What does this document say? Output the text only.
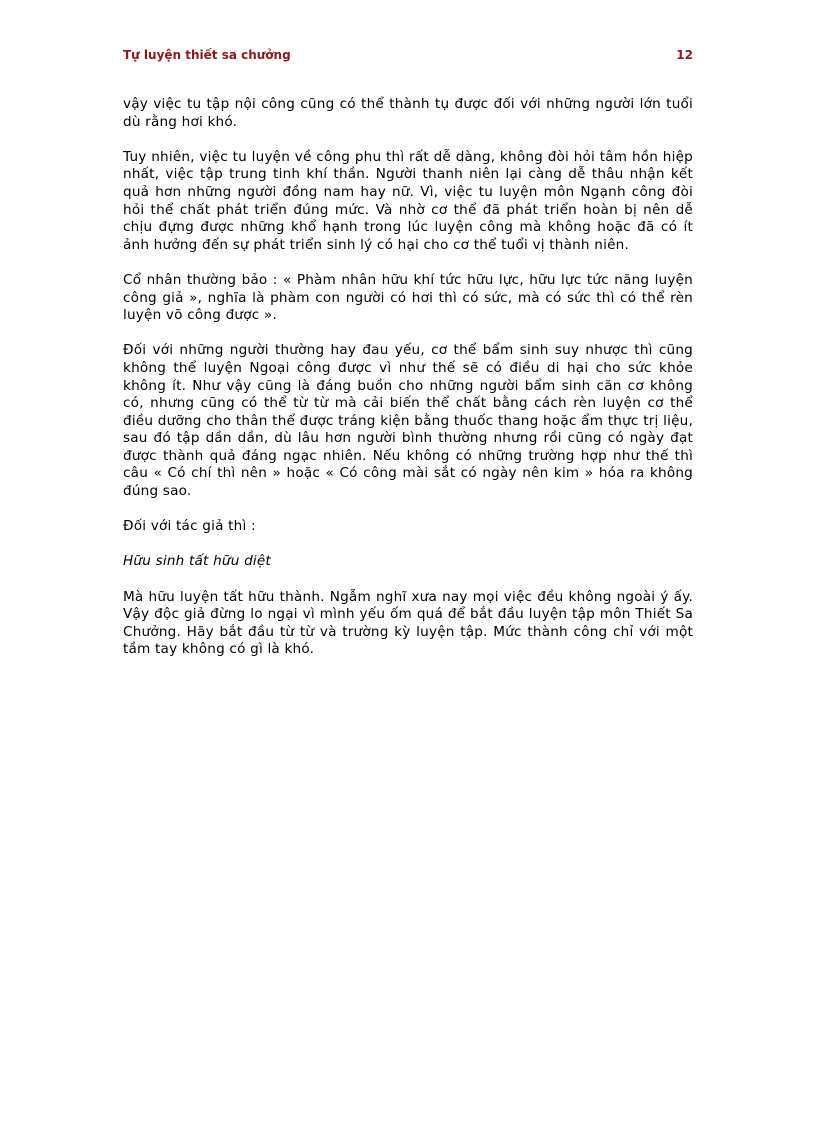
Tự luyện thiết sa chưởng	12

vậy việc tu tập nội công cũng có thể thành tụ được đối với những người lớn tuổi dù rằng hơi khó.

Tuy nhiên, việc tu luyện về công phu thì rất dễ dàng, không đòi hỏi tâm hồn hiệp nhất, việc tập trung tinh khí thần. Người thanh niên lại càng dễ thâu nhận kết quả hơn những người đồng nam hay nữ. Vì, việc tu luyện môn Ngạnh công đòi hỏi thể chất phát triển đúng mức. Và nhờ cơ thể đã phát triển hoàn bị nên dễ chịu đựng được những khổ hạnh trong lúc luyện công mà không hoặc đã có ít ảnh hưởng đến sự phát triển sinh lý có hại cho cơ thể tuổi vị thành niên.

Cổ nhân thường bảo : « Phàm nhân hữu khí tức hữu lực, hữu lực tức năng luyện công giả », nghĩa là phàm con người có hơi thì có sức, mà có sức thì có thể rèn luyện võ công được ».

Đối với những người thường hay đau yếu, cơ thể bẩm sinh suy nhược thì cũng không thể luyện Ngoại công được vì như thế sẽ có điều di hại cho sức khỏe không ít. Như vậy cũng là đáng buồn cho những người bẩm sinh căn cơ không có, nhưng cũng có thể từ từ mà cải biến thể chất bằng cách rèn luyện cơ thể điều dưỡng cho thân thể được tráng kiện bằng thuốc thang hoặc ẩm thực trị liệu, sau đó tập dần dần, dù lâu hơn người bình thường nhưng rồi cũng có ngày đạt được thành quả đáng ngạc nhiên. Nếu không có những trường hợp như thế thì câu « Có chí thì nên » hoặc « Có công mài sắt có ngày nên kim » hóa ra không đúng sao.

Đối với tác giả thì :

Hữu sinh tất hữu diệt

Mà hữu luyện tất hữu thành. Ngẫm nghĩ xưa nay mọi việc đều không ngoài ý ấy. Vậy độc giả đừng lo ngại vì mình yếu ốm quá để bắt đầu luyện tập môn Thiết Sa Chưởng. Hãy bắt đầu từ từ và trường kỳ luyện tập. Mức thành công chỉ với một tầm tay không có gì là khó.
